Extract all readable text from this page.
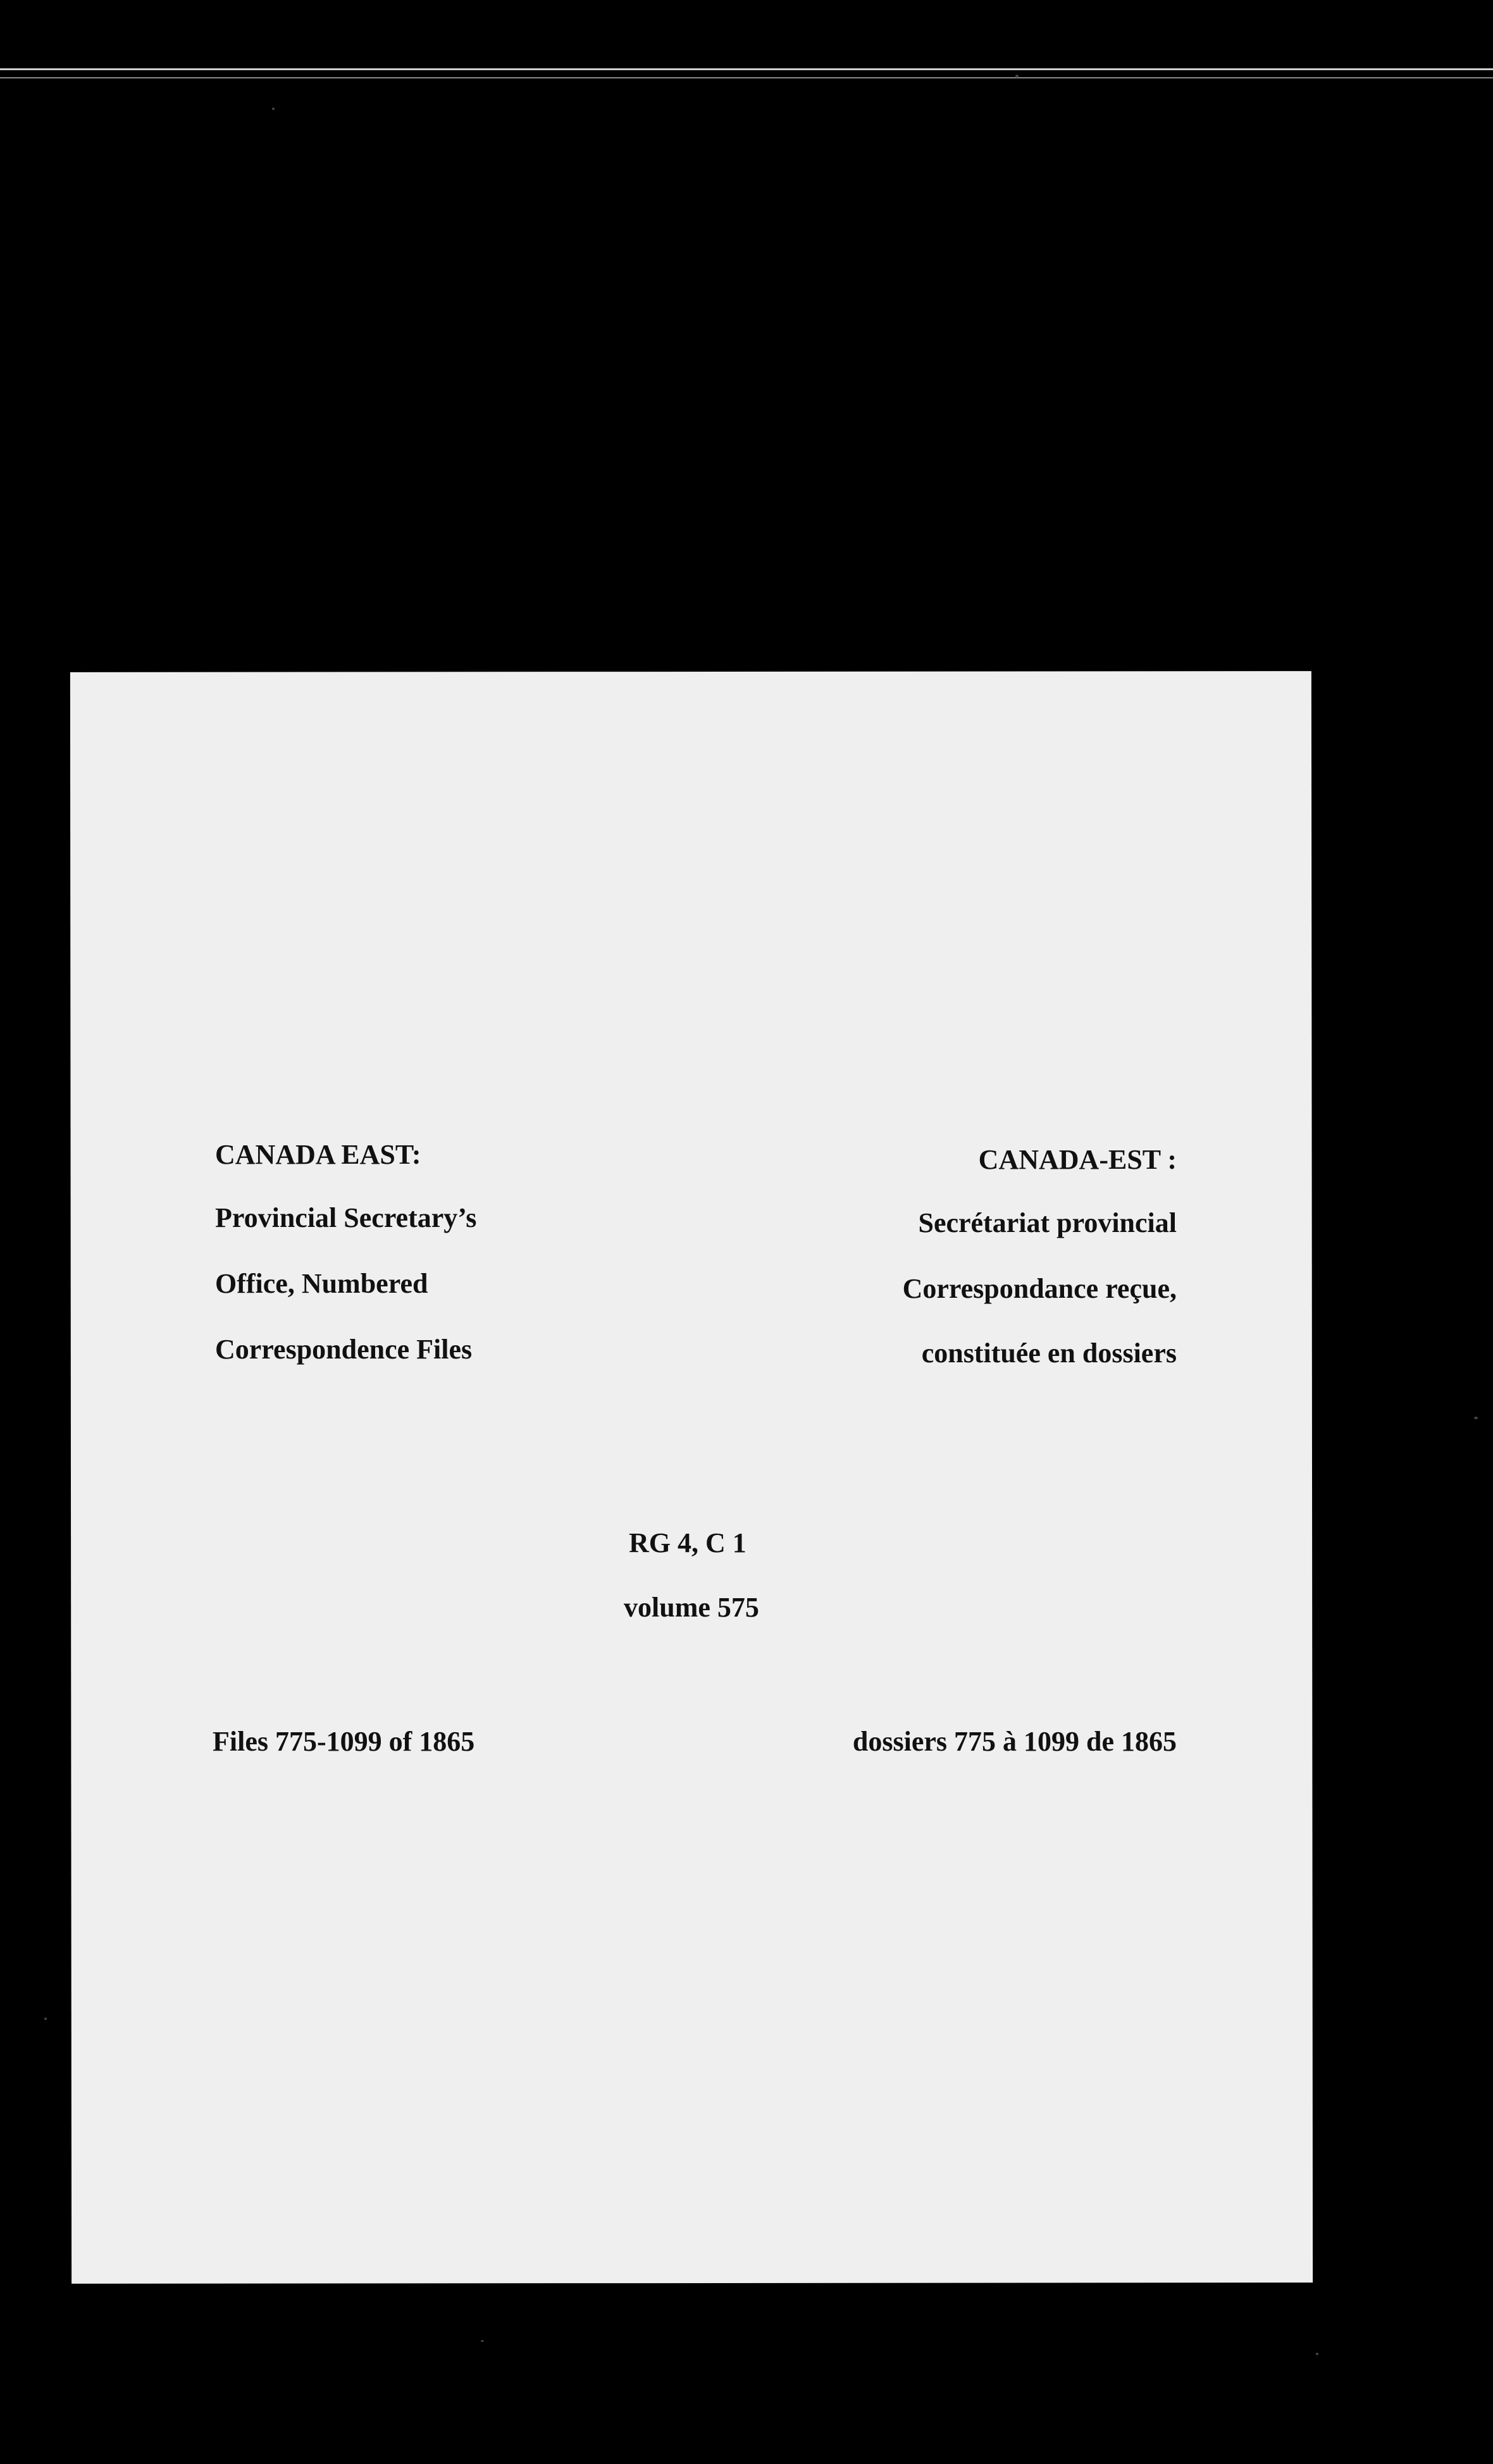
CANADA EAST:
Provincial Secretary’s
Office, Numbered
Correspondence Files
CANADA-EST :
Secrétariat provincial
Correspondance reçue,
constituée en dossiers
RG 4, C 1
volume 575
Files 775-1099 of 1865	dossiers 775 à 1099 de 1865
